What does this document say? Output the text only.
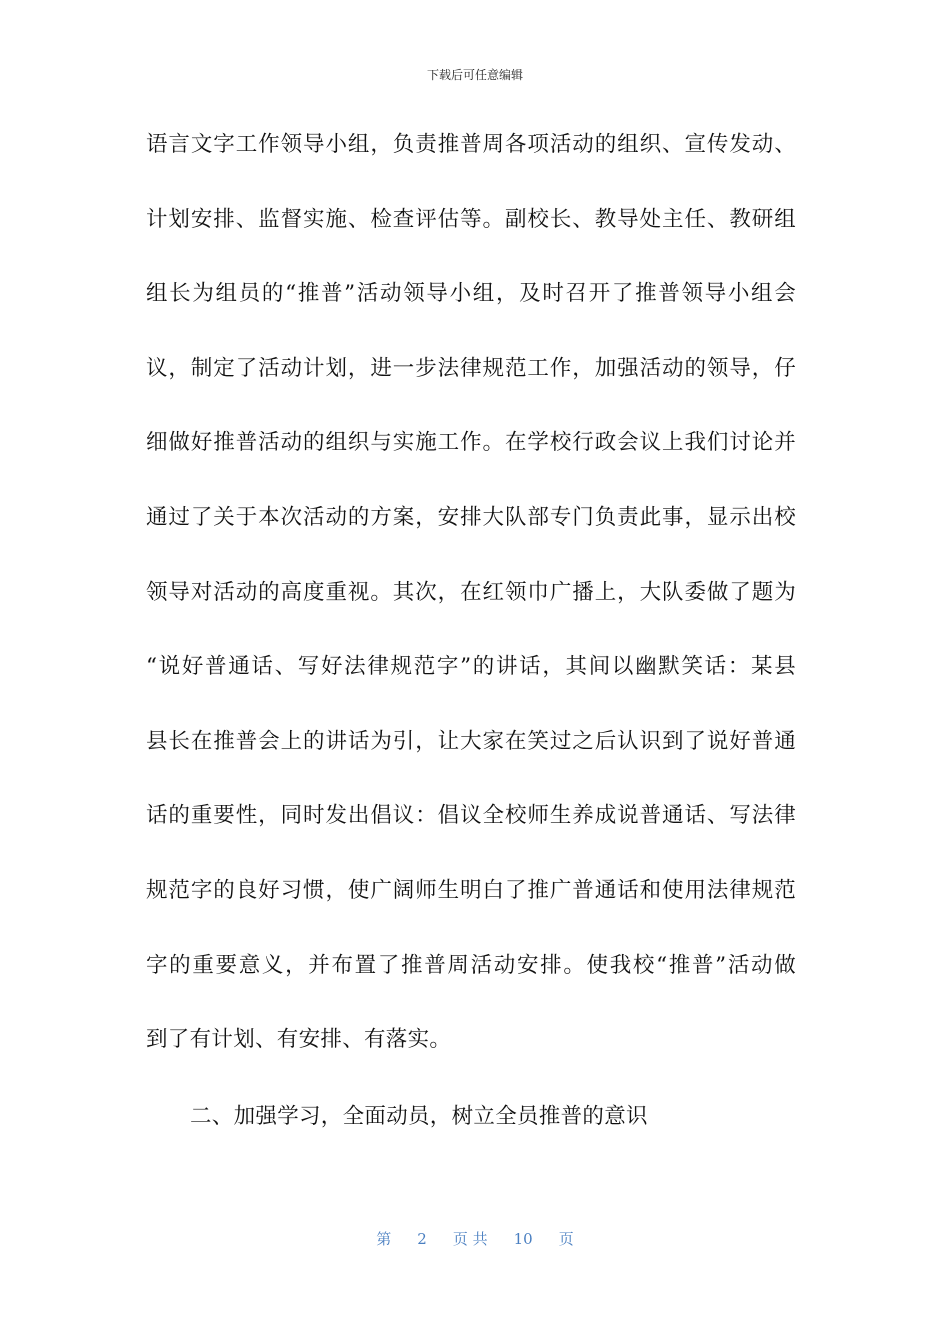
下载后可任意编辑
语言文字工作领导小组，负责推普周各项活动的组织、宣传发动、
计划安排、监督实施、检查评估等。副校长、教导处主任、教研组
组长为组员的“推普”活动领导小组，及时召开了推普领导小组会
议，制定了活动计划，进一步法律规范工作，加强活动的领导，仔
细做好推普活动的组织与实施工作。在学校行政会议上我们讨论并
通过了关于本次活动的方案，安排大队部专门负责此事，显示出校
领导对活动的高度重视。其次，在红领巾广播上，大队委做了题为
“说好普通话、写好法律规范字”的讲话，其间以幽默笑话：某县
县长在推普会上的讲话为引，让大家在笑过之后认识到了说好普通
话的重要性，同时发出倡议：倡议全校师生养成说普通话、写法律
规范字的良好习惯，使广阔师生明白了推广普通话和使用法律规范
字的重要意义，并布置了推普周活动安排。使我校“推普”活动做
到了有计划、有安排、有落实。
二、加强学习，全面动员，树立全员推普的意识
第 2 页 共 10 页
